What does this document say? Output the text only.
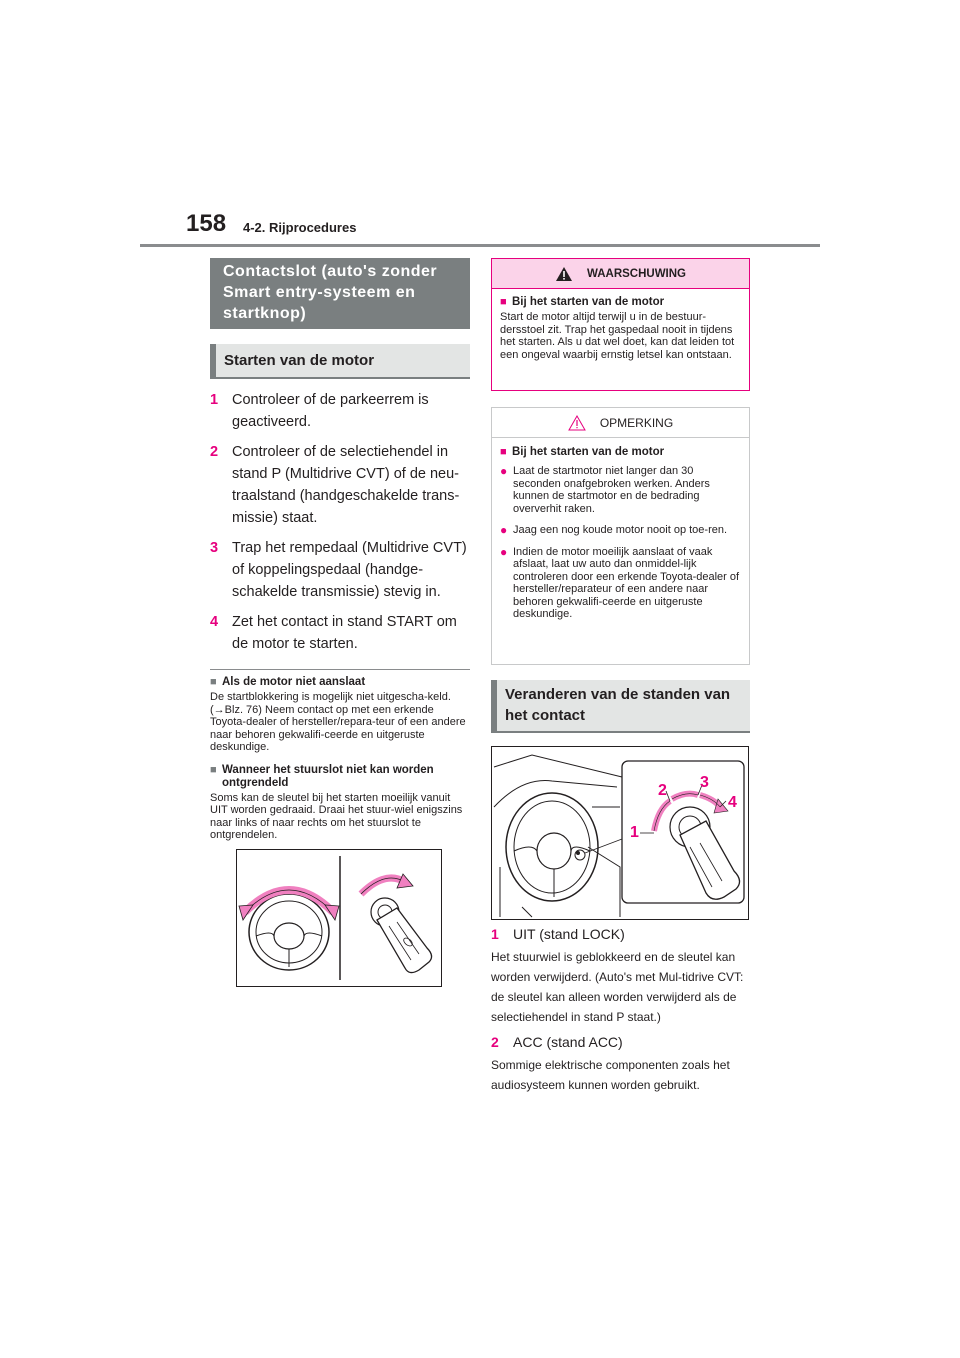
158 4-2. Rijprocedures
Contactslot (auto's zonder Smart entry-systeem en startknop)
Starten van de motor
1 Controleer of de parkeerrem is geactiveerd.
2 Controleer of de selectiehendel in stand P (Multidrive CVT) of de neu-traalstand (handgeschakelde trans-missie) staat.
3 Trap het rempedaal (Multidrive CVT) of koppelingspedaal (handge-schakelde transmissie) stevig in.
4 Zet het contact in stand START om de motor te starten.
■ Als de motor niet aanslaat
De startblokkering is mogelijk niet uitgescha-keld. (→Blz. 76) Neem contact op met een erkende Toyota-dealer of hersteller/repara-teur of een andere naar behoren gekwalifi-ceerde en uitgeruste deskundige.
■ Wanneer het stuurslot niet kan worden ontgrendeld
Soms kan de sleutel bij het starten moeilijk vanuit UIT worden gedraaid. Draai het stuur-wiel enigszins naar links of naar rechts om het stuurslot te ontgrendelen.
WAARSCHUWING
■ Bij het starten van de motor
Start de motor altijd terwijl u in de bestuur-dersstoel zit. Trap het gaspedaal nooit in tijdens het starten. Als u dat wel doet, kan dat leiden tot een ongeval waarbij ernstig letsel kan ontstaan.
OPMERKING
■ Bij het starten van de motor
● Laat de startmotor niet langer dan 30 seconden onafgebroken werken. Anders kunnen de startmotor en de bedrading oververhit raken.
● Jaag een nog koude motor nooit op toe-ren.
● Indien de motor moeilijk aanslaat of vaak afslaat, laat uw auto dan onmiddel-lijk controleren door een erkende Toyota-dealer of hersteller/reparateur of een andere naar behoren gekwalifi-ceerde en uitgeruste deskundige.
Veranderen van de standen van het contact
1
2 3
4
1	UIT (stand LOCK)
Het stuurwiel is geblokkeerd en de sleutel kan worden verwijderd. (Auto's met Mul-tidrive CVT: de sleutel kan alleen worden verwijderd als de selectiehendel in stand P staat.)
2	ACC (stand ACC)
Sommige elektrische componenten zoals het audiosysteem kunnen worden gebruikt.
